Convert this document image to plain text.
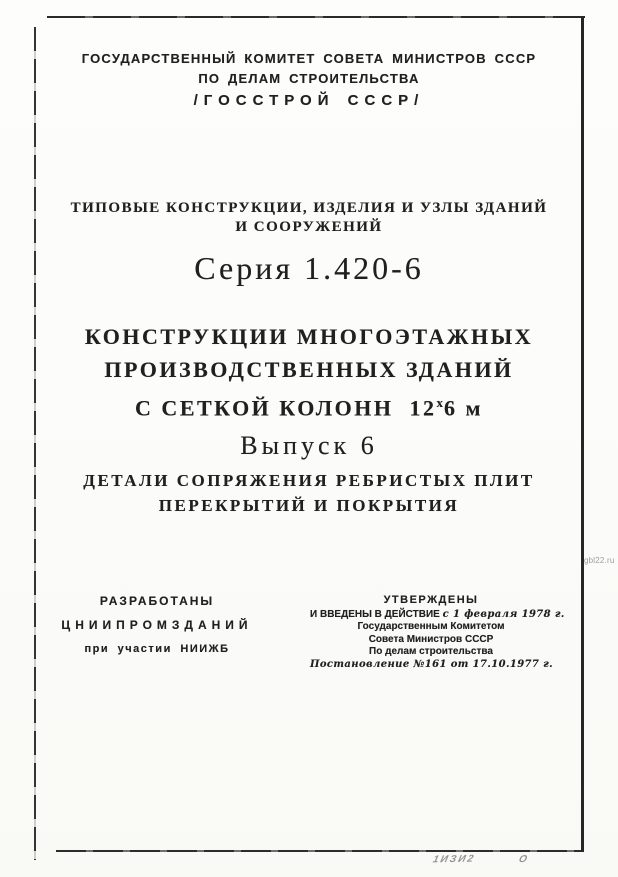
ГОСУДАРСТВЕННЫЙ КОМИТЕТ СОВЕТА МИНИСТРОВ СССР
ПО ДЕЛАМ СТРОИТЕЛЬСТВА
/ГОССТРОЙ СССР/
ТИПОВЫЕ КОНСТРУКЦИИ, ИЗДЕЛИЯ И УЗЛЫ ЗДАНИЙ
И СООРУЖЕНИЙ
Серия 1.420-6
КОНСТРУКЦИИ МНОГОЭТАЖНЫХ
ПРОИЗВОДСТВЕННЫХ ЗДАНИЙ
С СЕТКОЙ КОЛОНН $12^х6$ м
Выпуск 6
ДЕТАЛИ СОПРЯЖЕНИЯ РЕБРИСТЫХ ПЛИТ
ПЕРЕКРЫТИЙ И ПОКРЫТИЯ
РАЗРАБОТАНЫ
ЦНИИПРОМЗДАНИЙ
при участии НИИЖБ
УТВЕРЖДЕНЫ
И ВВЕДЕНЫ В ДЕЙСТВИЕ с 1 февраля 1978 г.
Государственным Комитетом
Совета Министров СССР
По делам строительства
Постановление №161 от 17.10.1977 г.
gbl22.ru
1ИЗИ2	О
